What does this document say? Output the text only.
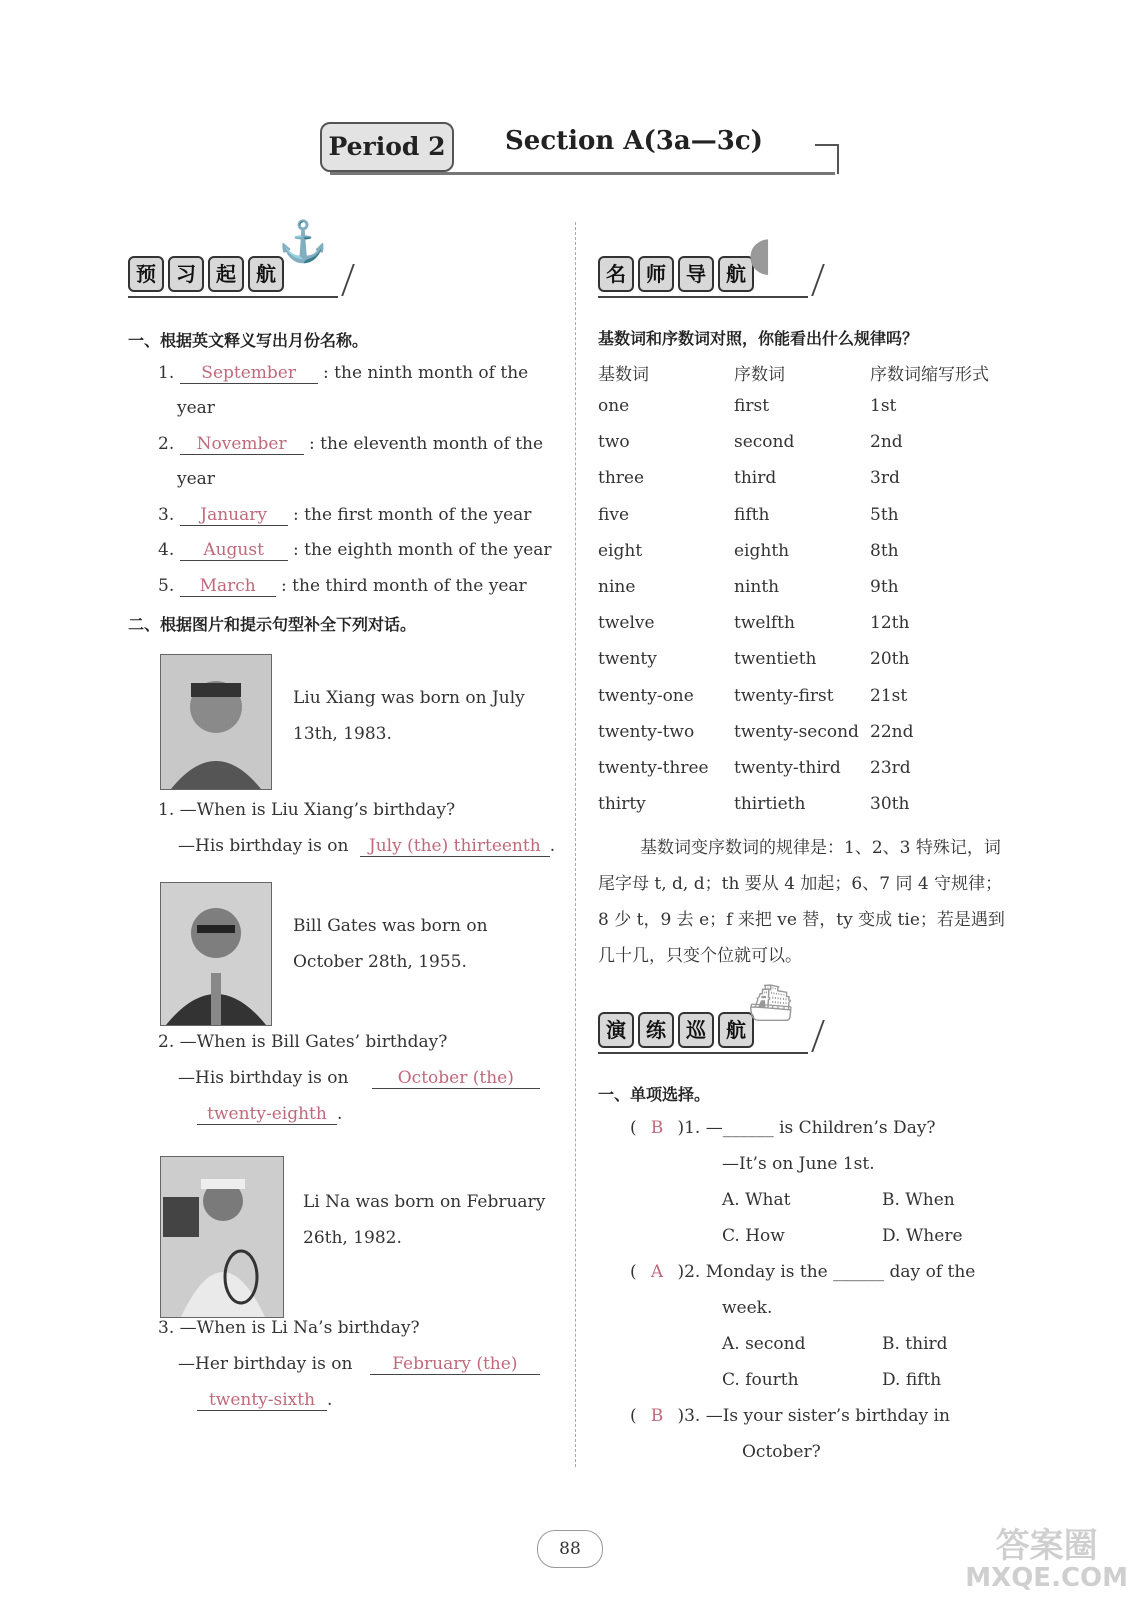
Period 2	Section A(3a—3c)
预	习	起	航
⚓
一、根据英文释义写出月份名称。
1. September : the ninth month of the
year
2. November : the eleventh month of the
year
3. January : the first month of the year
4. August : the eighth month of the year
5. March : the third month of the year
二、根据图片和提示句型补全下列对话。
Liu Xiang was born on July
13th, 1983.
1. —When is Liu Xiang’s birthday?
—His birthday is on July (the) thirteenth .
Bill Gates was born on
October 28th, 1955.
2. —When is Bill Gates’ birthday?
—His birthday is on	October (the)
twenty-eighth .
Li Na was born on February
26th, 1982.
3. —When is Li Na’s birthday?
—Her birthday is on February (the)
twenty-sixth .
名	师	导	航 ◖
基数词和序数词对照，你能看出什么规律吗？
基数词	序数词	序数词缩写形式
one	first	1st
two	second	2nd
three	third	3rd
five	fifth	5th
eight	eighth	8th
nine	ninth	9th
twelve	twelfth	12th
twenty	twentieth	20th
twenty-one twenty-first 21st
twenty-two twenty-second 22nd
twenty-three twenty-third 23rd
thirty	thirtieth	30th
基数词变序数词的规律是：1、2、3 特殊记，词
尾字母 t, d, d；th 要从 4 加起；6、7 同 4 守规律；
8 少 t，9 去 e；f 来把 ve 替，ty 变成 tie；若是遇到
几十几，只变个位就可以。
演	练	巡	航
⛴
一、单项选择。
( B )1. —______ is Children’s Day?
—It’s on June 1st.
A. What	B. When
C. How	D. Where
( A )2. Monday is the ______ day of the
week.
A. second	B. third
C. fourth	D. fifth
( B )3. —Is your sister’s birthday in
October?
88	答案圈
MXQE.COM
